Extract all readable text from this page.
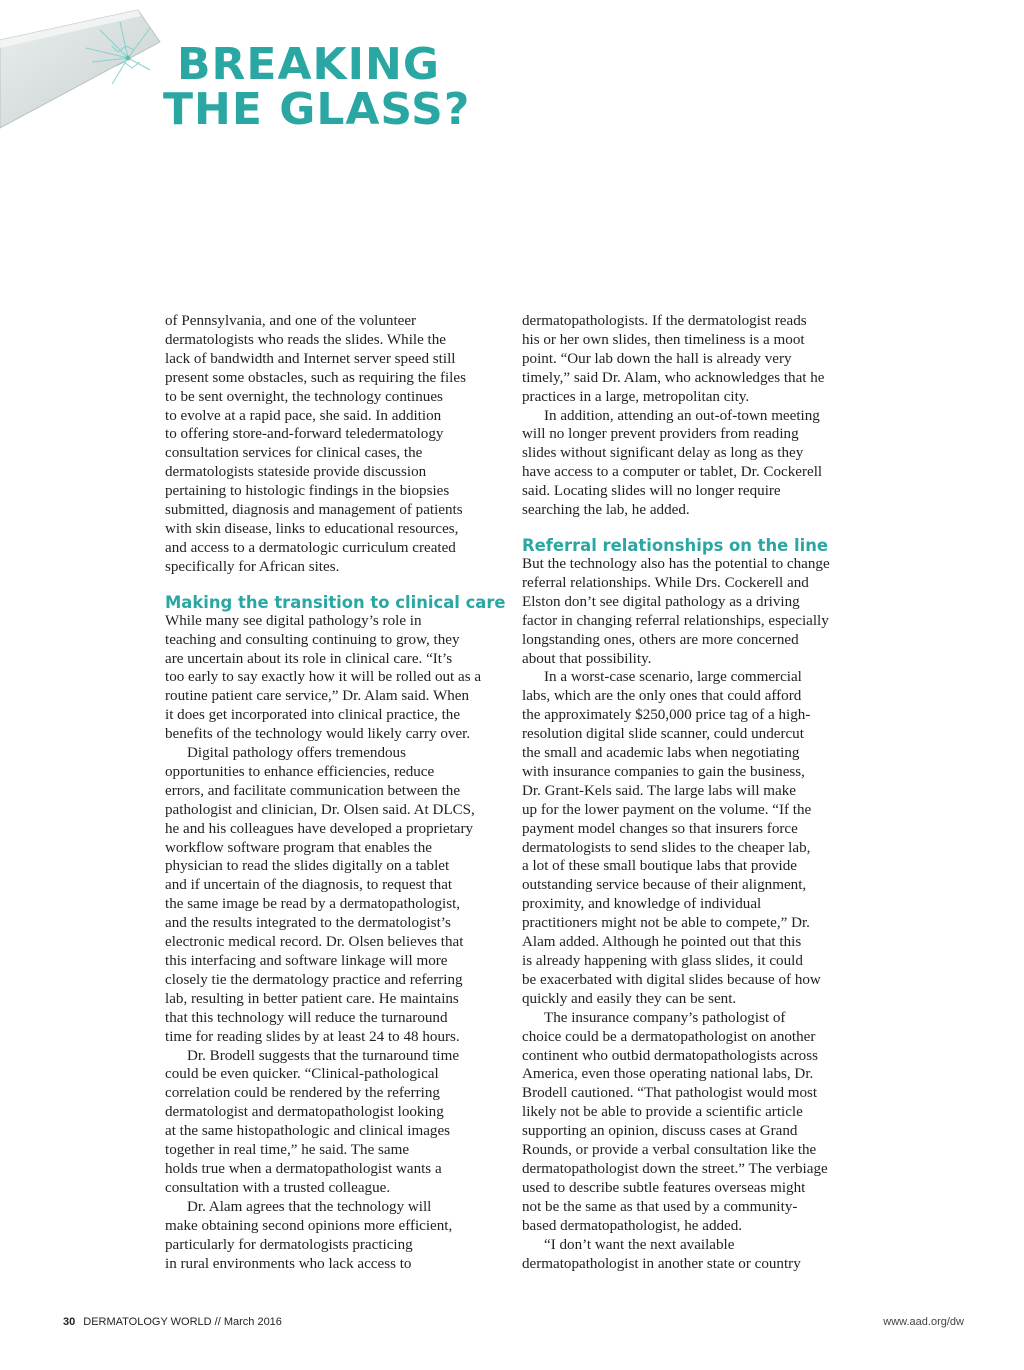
BREAKING
THE GLASS?
of Pennsylvania, and one of the volunteer
dermatologists who reads the slides. While the
lack of bandwidth and Internet server speed still
present some obstacles, such as requiring the files
to be sent overnight, the technology continues
to evolve at a rapid pace, she said. In addition
to offering store-and-forward teledermatology
consultation services for clinical cases, the
dermatologists stateside provide discussion
pertaining to histologic findings in the biopsies
submitted, diagnosis and management of patients
with skin disease, links to educational resources,
and access to a dermatologic curriculum created
specifically for African sites.
Making the transition to clinical care
While many see digital pathology’s role in
teaching and consulting continuing to grow, they
are uncertain about its role in clinical care. “It’s
too early to say exactly how it will be rolled out as a
routine patient care service,” Dr. Alam said. When
it does get incorporated into clinical practice, the
benefits of the technology would likely carry over.
Digital pathology offers tremendous
opportunities to enhance efficiencies, reduce
errors, and facilitate communication between the
pathologist and clinician, Dr. Olsen said. At DLCS,
he and his colleagues have developed a proprietary
workflow software program that enables the
physician to read the slides digitally on a tablet
and if uncertain of the diagnosis, to request that
the same image be read by a dermatopathologist,
and the results integrated to the dermatologist’s
electronic medical record. Dr. Olsen believes that
this interfacing and software linkage will more
closely tie the dermatology practice and referring
lab, resulting in better patient care. He maintains
that this technology will reduce the turnaround
time for reading slides by at least 24 to 48 hours.
Dr. Brodell suggests that the turnaround time
could be even quicker. “Clinical-pathological
correlation could be rendered by the referring
dermatologist and dermatopathologist looking
at the same histopathologic and clinical images
together in real time,” he said. The same
holds true when a dermatopathologist wants a
consultation with a trusted colleague.
Dr. Alam agrees that the technology will
make obtaining second opinions more efficient,
particularly for dermatologists practicing
in rural environments who lack access to
dermatopathologists. If the dermatologist reads
his or her own slides, then timeliness is a moot
point. “Our lab down the hall is already very
timely,” said Dr. Alam, who acknowledges that he
practices in a large, metropolitan city.
In addition, attending an out-of-town meeting
will no longer prevent providers from reading
slides without significant delay as long as they
have access to a computer or tablet, Dr. Cockerell
said. Locating slides will no longer require
searching the lab, he added.
Referral relationships on the line
But the technology also has the potential to change
referral relationships. While Drs. Cockerell and
Elston don’t see digital pathology as a driving
factor in changing referral relationships, especially
longstanding ones, others are more concerned
about that possibility.
In a worst-case scenario, large commercial
labs, which are the only ones that could afford
the approximately $250,000 price tag of a high-
resolution digital slide scanner, could undercut
the small and academic labs when negotiating
with insurance companies to gain the business,
Dr. Grant-Kels said. The large labs will make
up for the lower payment on the volume. “If the
payment model changes so that insurers force
dermatologists to send slides to the cheaper lab,
a lot of these small boutique labs that provide
outstanding service because of their alignment,
proximity, and knowledge of individual
practitioners might not be able to compete,” Dr.
Alam added. Although he pointed out that this
is already happening with glass slides, it could
be exacerbated with digital slides because of how
quickly and easily they can be sent.
The insurance company’s pathologist of
choice could be a dermatopathologist on another
continent who outbid dermatopathologists across
America, even those operating national labs, Dr.
Brodell cautioned. “That pathologist would most
likely not be able to provide a scientific article
supporting an opinion, discuss cases at Grand
Rounds, or provide a verbal consultation like the
dermatopathologist down the street.” The verbiage
used to describe subtle features overseas might
not be the same as that used by a community-
based dermatopathologist, he added.
“I don’t want the next available
dermatopathologist in another state or country
30 DERMATOLOGY WORLD // March 2016	www.aad.org/dw
